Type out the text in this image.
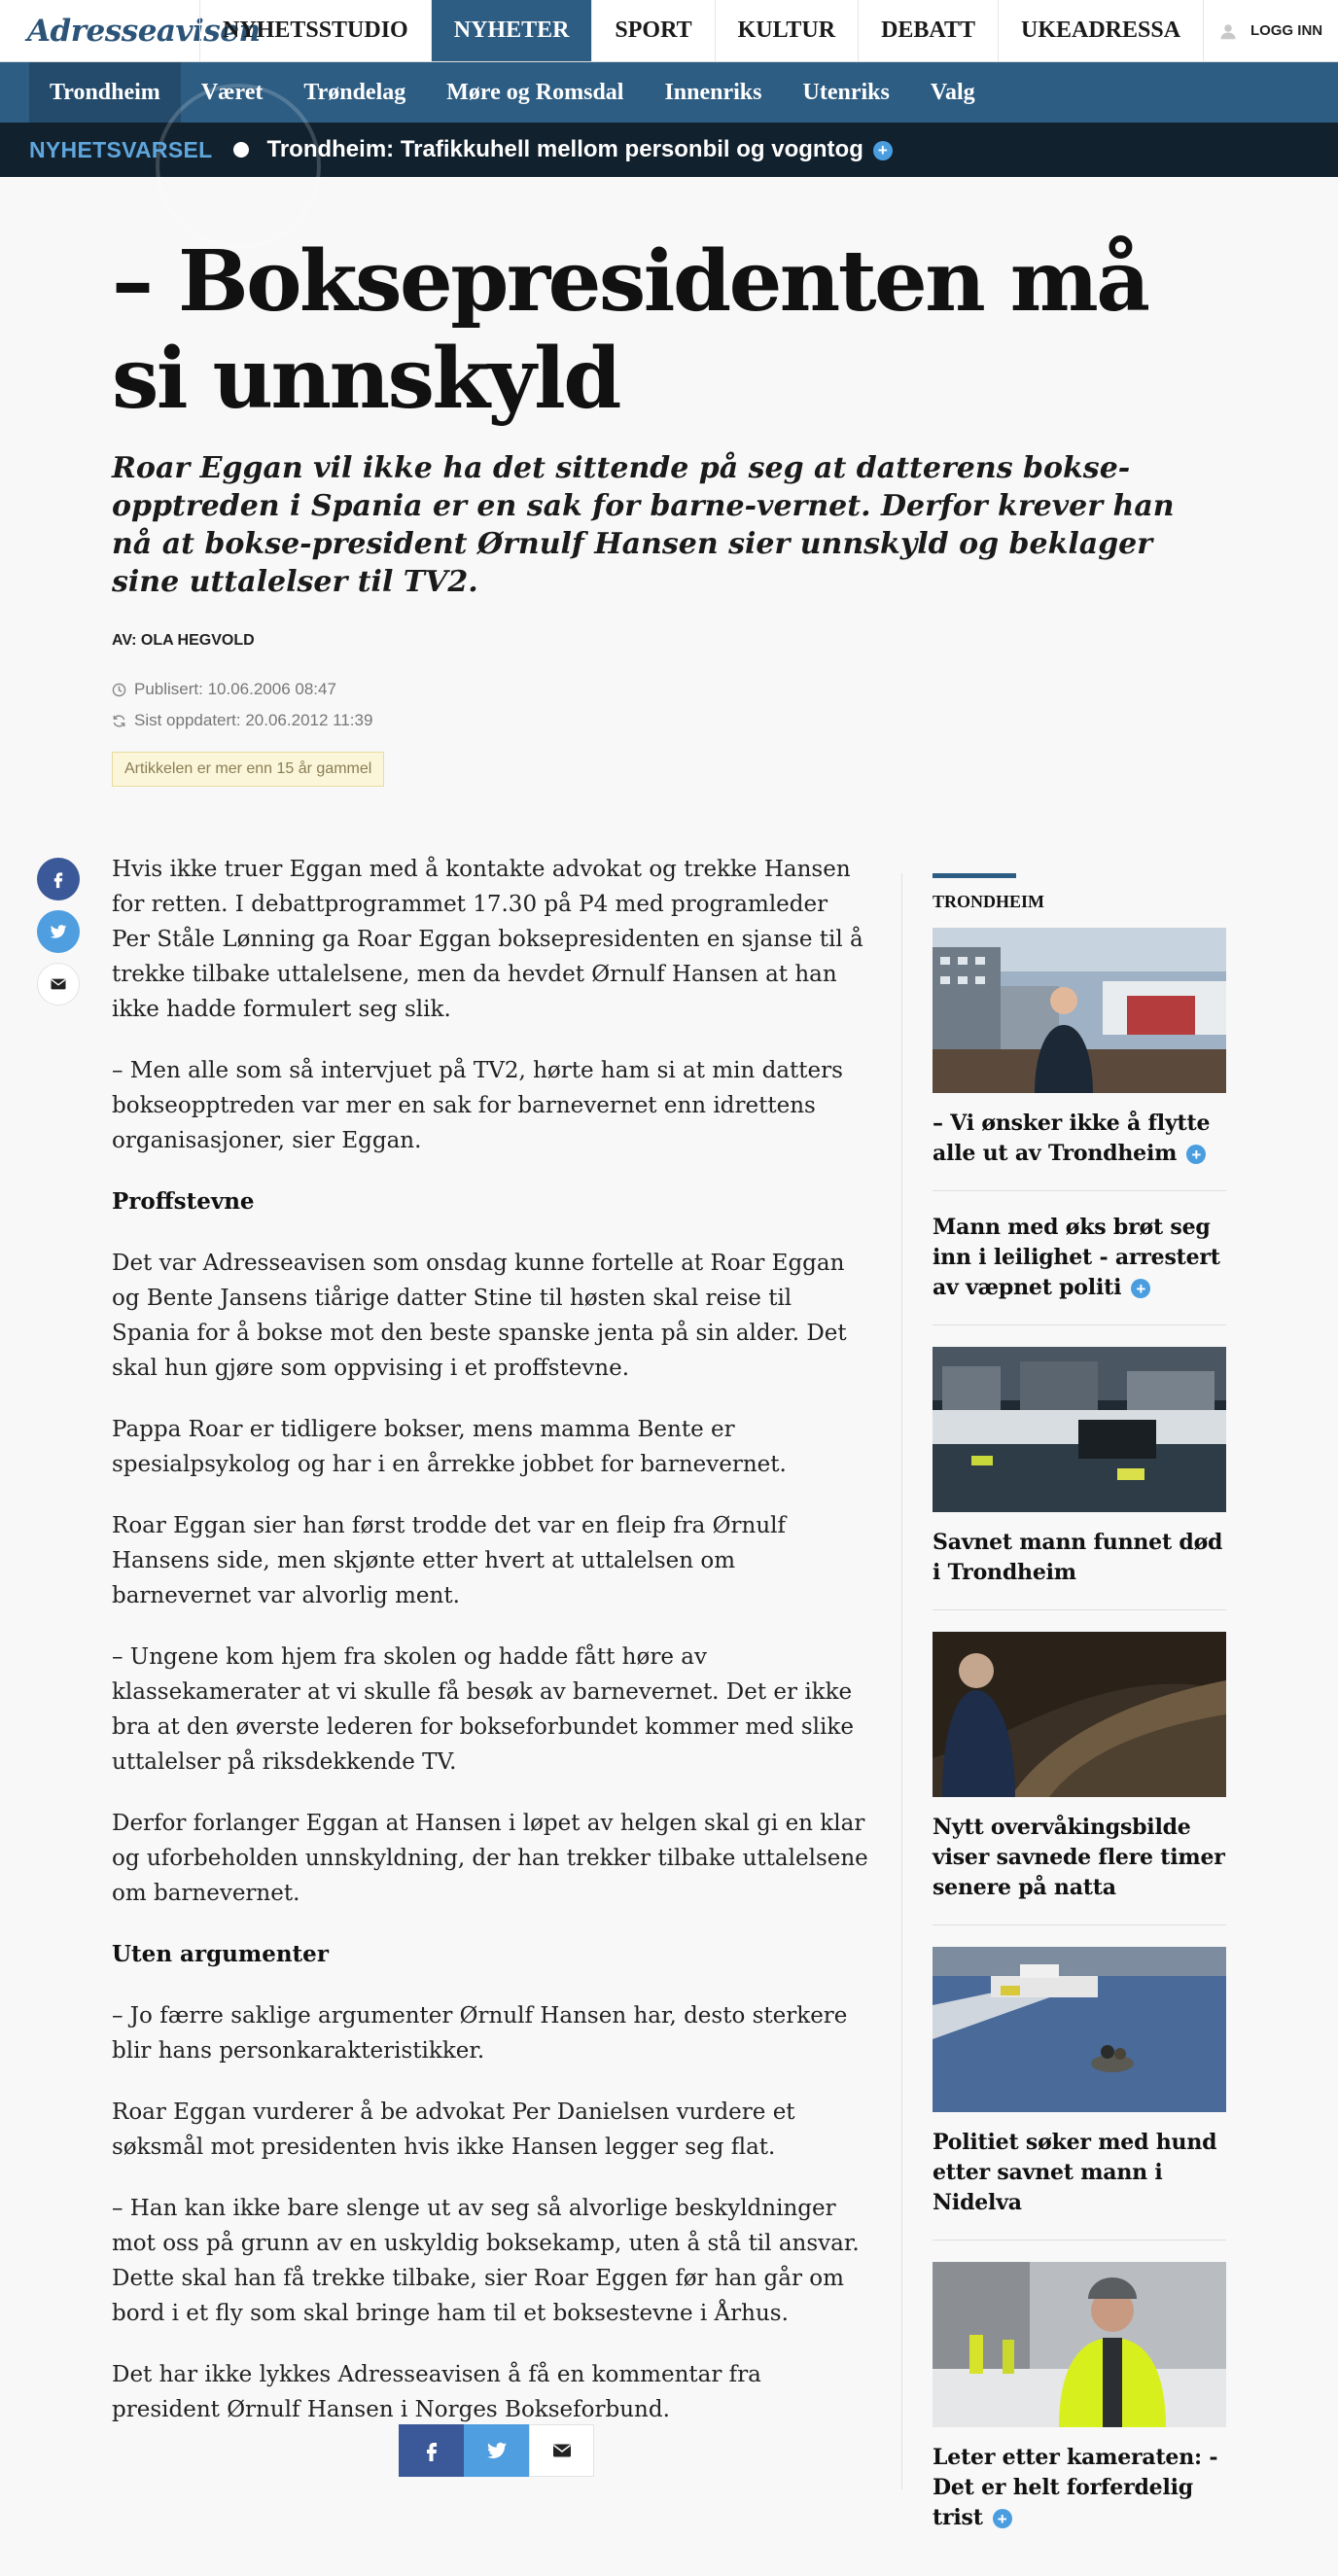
Adresseavisen
NYHETSSTUDIO	NYHETER	SPORT	KULTUR	DEBATT	UKEADRESSA	LOGG INN
Trondheim	Været	Trøndelag	Møre og Romsdal	Innenriks	Utenriks	Valg
NYHETSVARSEL Trondheim: Trafikkuhell mellom personbil og vogntog +
– Boksepresidenten må si unnskyld

Roar Eggan vil ikke ha det sittende på seg at datterens bokse-opptreden i Spania er en sak for barne-vernet. Derfor krever han nå at bokse-president Ørnulf Hansen sier unnskyld og beklager sine uttalelser til TV2.

AV: OLA HEGVOLD
Publisert: 10.06.2006 08:47
Sist oppdatert: 20.06.2012 11:39
Artikkelen er mer enn 15 år gammel

Hvis ikke truer Eggan med å kontakte advokat og trekke Hansen for retten. I debattprogrammet 17.30 på P4 med programleder Per Ståle Lønning ga Roar Eggan boksepresidenten en sjanse til å trekke tilbake uttalelsene, men da hevdet Ørnulf Hansen at han ikke hadde formulert seg slik.

– Men alle som så intervjuet på TV2, hørte ham si at min datters bokseopptreden var mer en sak for barnevernet enn idrettens organisasjoner, sier Eggan.

Proffstevne

Det var Adresseavisen som onsdag kunne fortelle at Roar Eggan og Bente Jansens tiårige datter Stine til høsten skal reise til Spania for å bokse mot den beste spanske jenta på sin alder. Det skal hun gjøre som oppvising i et proffstevne.

Pappa Roar er tidligere bokser, mens mamma Bente er spesialpsykolog og har i en årrekke jobbet for barnevernet.

Roar Eggan sier han først trodde det var en fleip fra Ørnulf Hansens side, men skjønte etter hvert at uttalelsen om barnevernet var alvorlig ment.

– Ungene kom hjem fra skolen og hadde fått høre av klassekamerater at vi skulle få besøk av barnevernet. Det er ikke bra at den øverste lederen for bokseforbundet kommer med slike uttalelser på riksdekkende TV.

Derfor forlanger Eggan at Hansen i løpet av helgen skal gi en klar og uforbeholden unnskyldning, der han trekker tilbake uttalelsene om barnevernet.

Uten argumenter

– Jo færre saklige argumenter Ørnulf Hansen har, desto sterkere blir hans personkarakteristikker.

Roar Eggan vurderer å be advokat Per Danielsen vurdere et søksmål mot presidenten hvis ikke Hansen legger seg flat.

– Han kan ikke bare slenge ut av seg så alvorlige beskyldninger mot oss på grunn av en uskyldig boksekamp, uten å stå til ansvar. Dette skal han få trekke tilbake, sier Roar Eggen før han går om bord i et fly som skal bringe ham til et boksestevne i Århus.

Det har ikke lykkes Adresseavisen å få en kommentar fra president Ørnulf Hansen i Norges Bokseforbund.

TRONDHEIM
– Vi ønsker ikke å flytte alle ut av Trondheim +
Mann med øks brøt seg inn i leilighet - arrestert av væpnet politi +
Savnet mann funnet død i Trondheim
Nytt overvåkingsbilde viser savnede flere timer senere på natta
Politiet søker med hund etter savnet mann i Nidelva
Leter etter kameraten: - Det er helt forferdelig trist +
